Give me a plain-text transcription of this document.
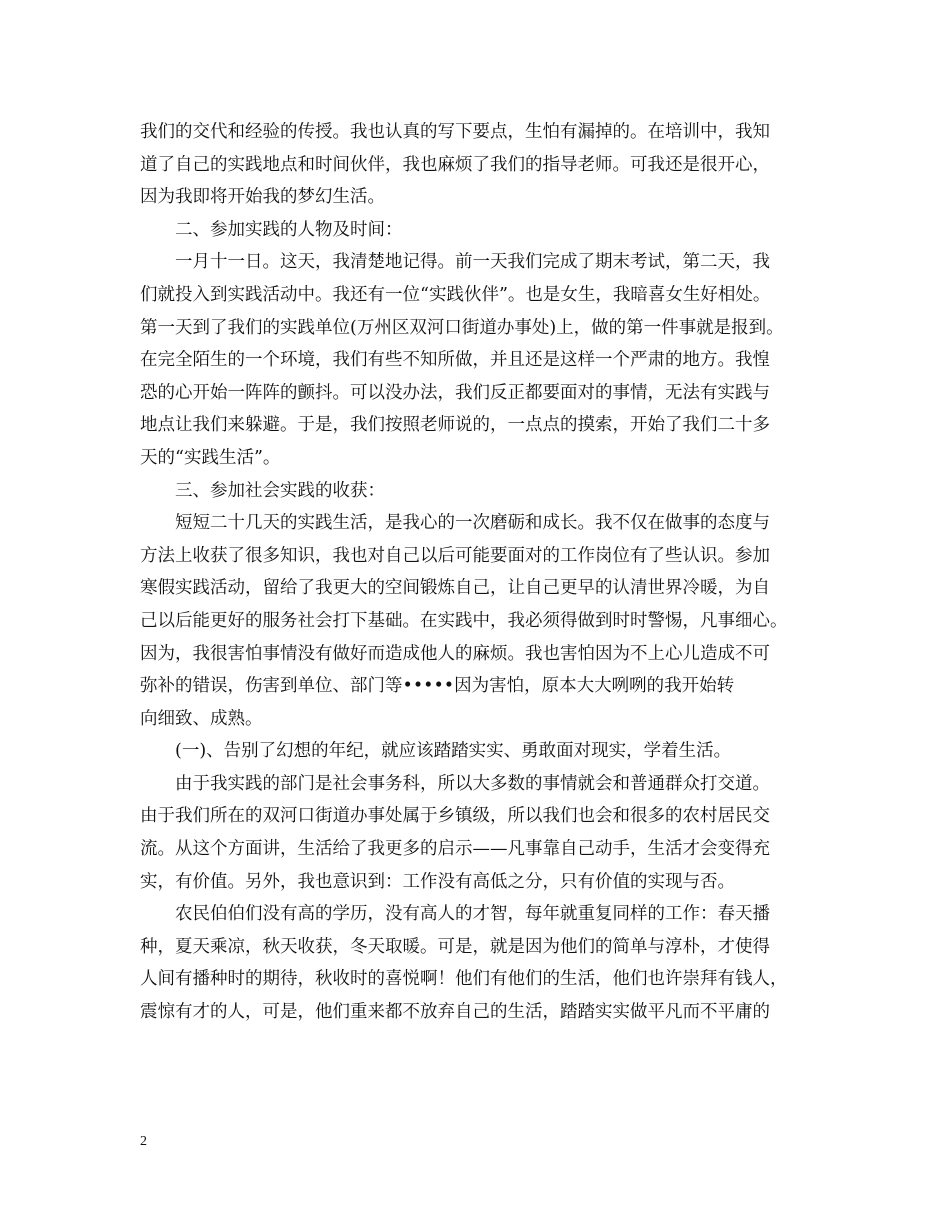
我们的交代和经验的传授。我也认真的写下要点，生怕有漏掉的。在培训中，我知
道了自己的实践地点和时间伙伴，我也麻烦了我们的指导老师。可我还是很开心，
因为我即将开始我的梦幻生活。
二、参加实践的人物及时间：
一月十一日。这天，我清楚地记得。前一天我们完成了期末考试，第二天，我
们就投入到实践活动中。我还有一位“实践伙伴”。也是女生，我暗喜女生好相处。
第一天到了我们的实践单位(万州区双河口街道办事处)上，做的第一件事就是报到。
在完全陌生的一个环境，我们有些不知所做，并且还是这样一个严肃的地方。我惶
恐的心开始一阵阵的颤抖。可以没办法，我们反正都要面对的事情，无法有实践与
地点让我们来躲避。于是，我们按照老师说的，一点点的摸索，开始了我们二十多
天的“实践生活”。
三、参加社会实践的收获：
短短二十几天的实践生活，是我心的一次磨砺和成长。我不仅在做事的态度与
方法上收获了很多知识，我也对自己以后可能要面对的工作岗位有了些认识。参加
寒假实践活动，留给了我更大的空间锻炼自己，让自己更早的认清世界冷暖，为自
己以后能更好的服务社会打下基础。在实践中，我必须得做到时时警惕，凡事细心。
因为，我很害怕事情没有做好而造成他人的麻烦。我也害怕因为不上心儿造成不可
弥补的错误，伤害到单位、部门等•••••因为害怕，原本大大咧咧的我开始转
向细致、成熟。
(一)、告别了幻想的年纪，就应该踏踏实实、勇敢面对现实，学着生活。
由于我实践的部门是社会事务科，所以大多数的事情就会和普通群众打交道。
由于我们所在的双河口街道办事处属于乡镇级，所以我们也会和很多的农村居民交
流。从这个方面讲，生活给了我更多的启示——凡事靠自己动手，生活才会变得充
实，有价值。另外，我也意识到：工作没有高低之分，只有价值的实现与否。
农民伯伯们没有高的学历，没有高人的才智，每年就重复同样的工作：春天播
种，夏天乘凉，秋天收获，冬天取暖。可是，就是因为他们的简单与淳朴，才使得
人间有播种时的期待，秋收时的喜悦啊！他们有他们的生活，他们也许崇拜有钱人，
震惊有才的人，可是，他们重来都不放弃自己的生活，踏踏实实做平凡而不平庸的
2
